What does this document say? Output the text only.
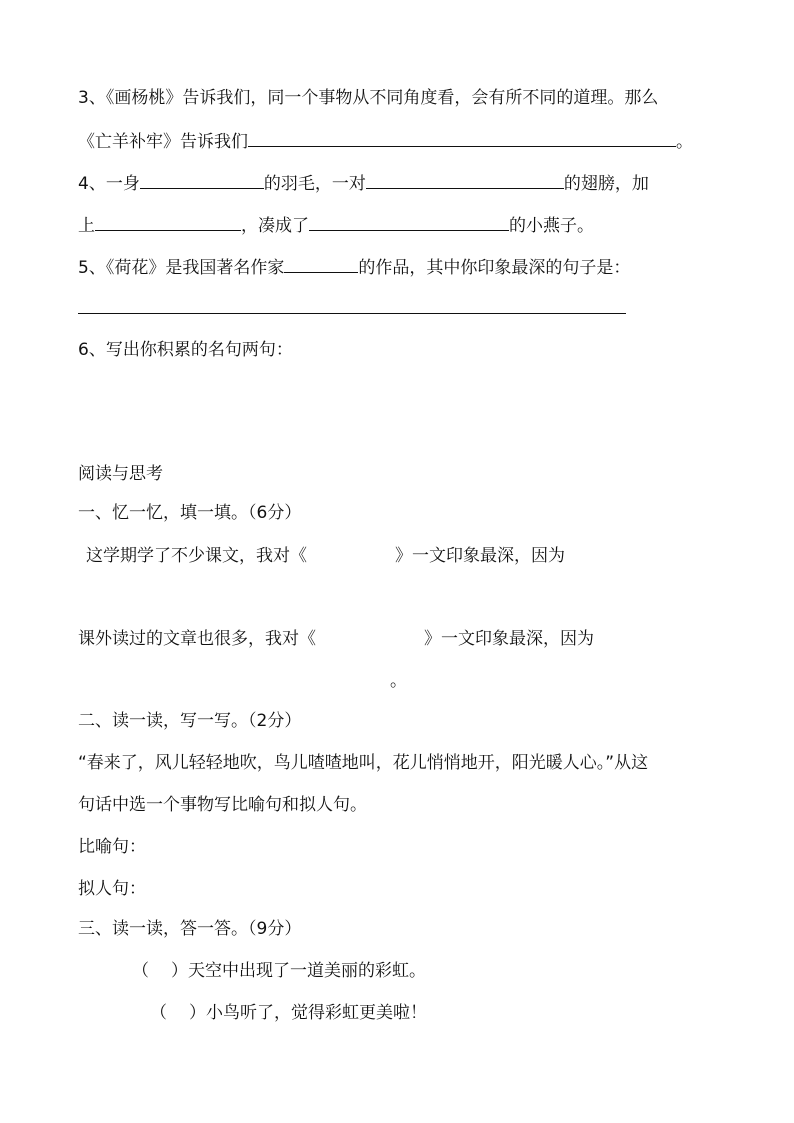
3、《画杨桃》告诉我们，同一个事物从不同角度看，会有所不同的道理。那么
《亡羊补牢》告诉我们	。
4、一身	的羽毛，一对	的翅膀，加
上	，凑成了	的小燕子。
5、《荷花》是我国著名作家	的作品，其中你印象最深的句子是：
6、写出你积累的名句两句：
阅读与思考
一、忆一忆，填一填。（6分）
这学期学了不少课文，我对《	》一文印象最深，因为
课外读过的文章也很多，我对《	》一文印象最深，因为
。
二、读一读，写一写。（2分）
“春来了，风儿轻轻地吹，鸟儿喳喳地叫，花儿悄悄地开，阳光暖人心。”从这
句话中选一个事物写比喻句和拟人句。
比喻句：
拟人句：
三、读一读，答一答。（9分）
（ ）天空中出现了一道美丽的彩虹。
（ ）小鸟听了，觉得彩虹更美啦！
